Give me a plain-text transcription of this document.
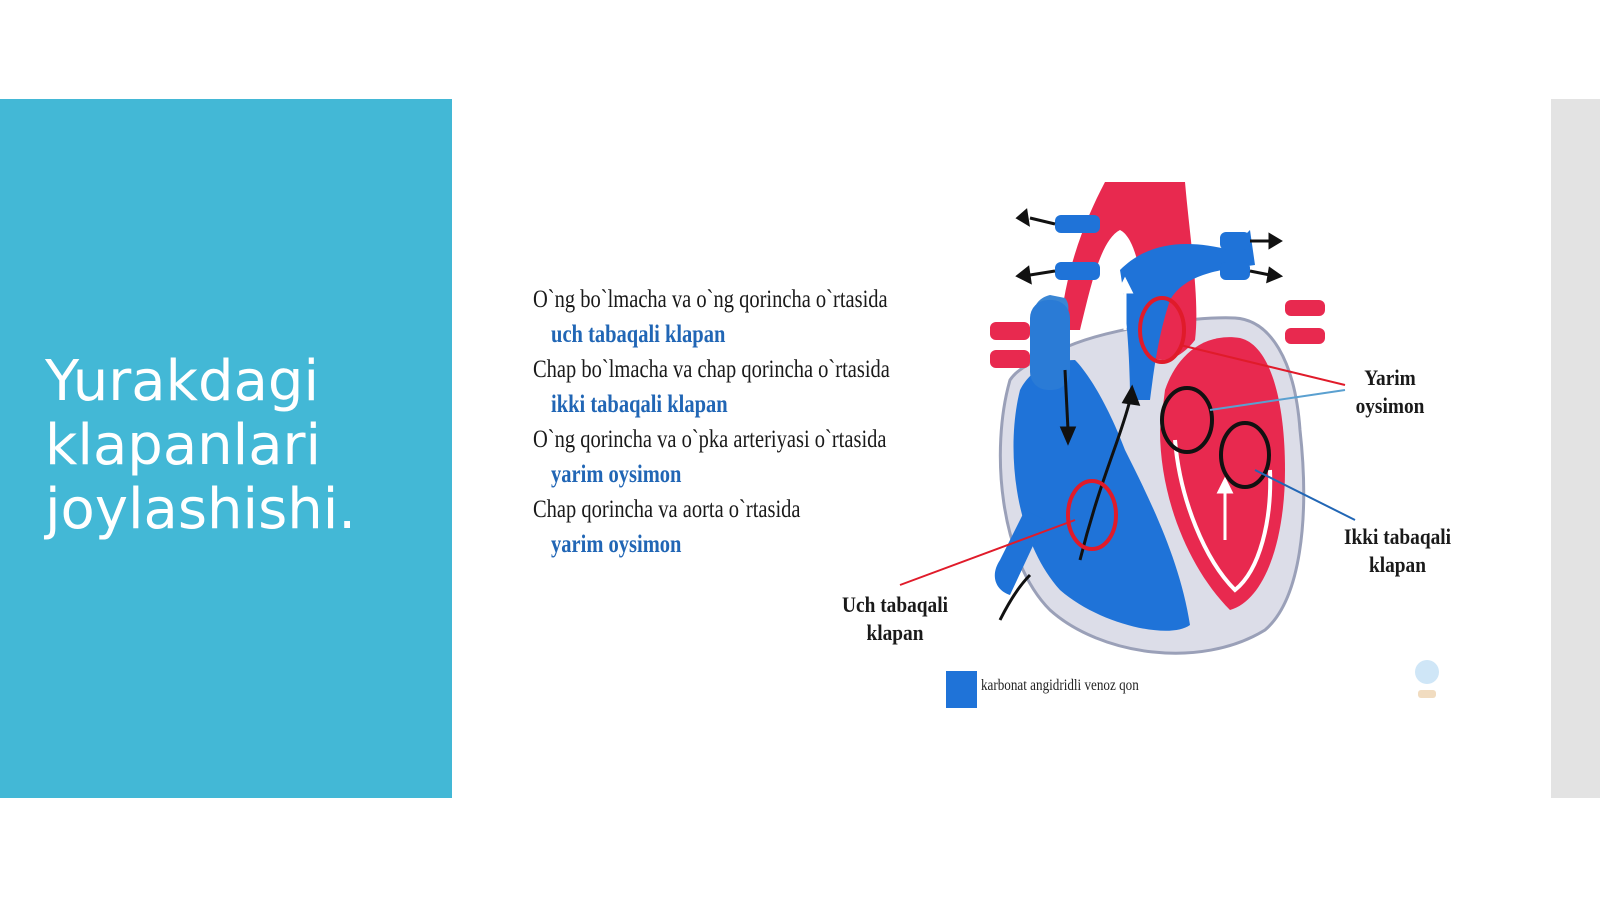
Yurakdagi klapanlari joylashishi.
O`ng bo`lmacha va o`ng qorincha o`rtasida
uch tabaqali klapan
Chap bo`lmacha va chap qorincha o`rtasida
ikki tabaqali klapan
O`ng qorincha va o`pka arteriyasi o`rtasida
yarim oysimon
Chap qorincha va aorta o`rtasida
yarim oysimon
Yarim
oysimon
Ikki tabaqali
klapan
Uch tabaqali
klapan
karbonat angidridli venoz qon
